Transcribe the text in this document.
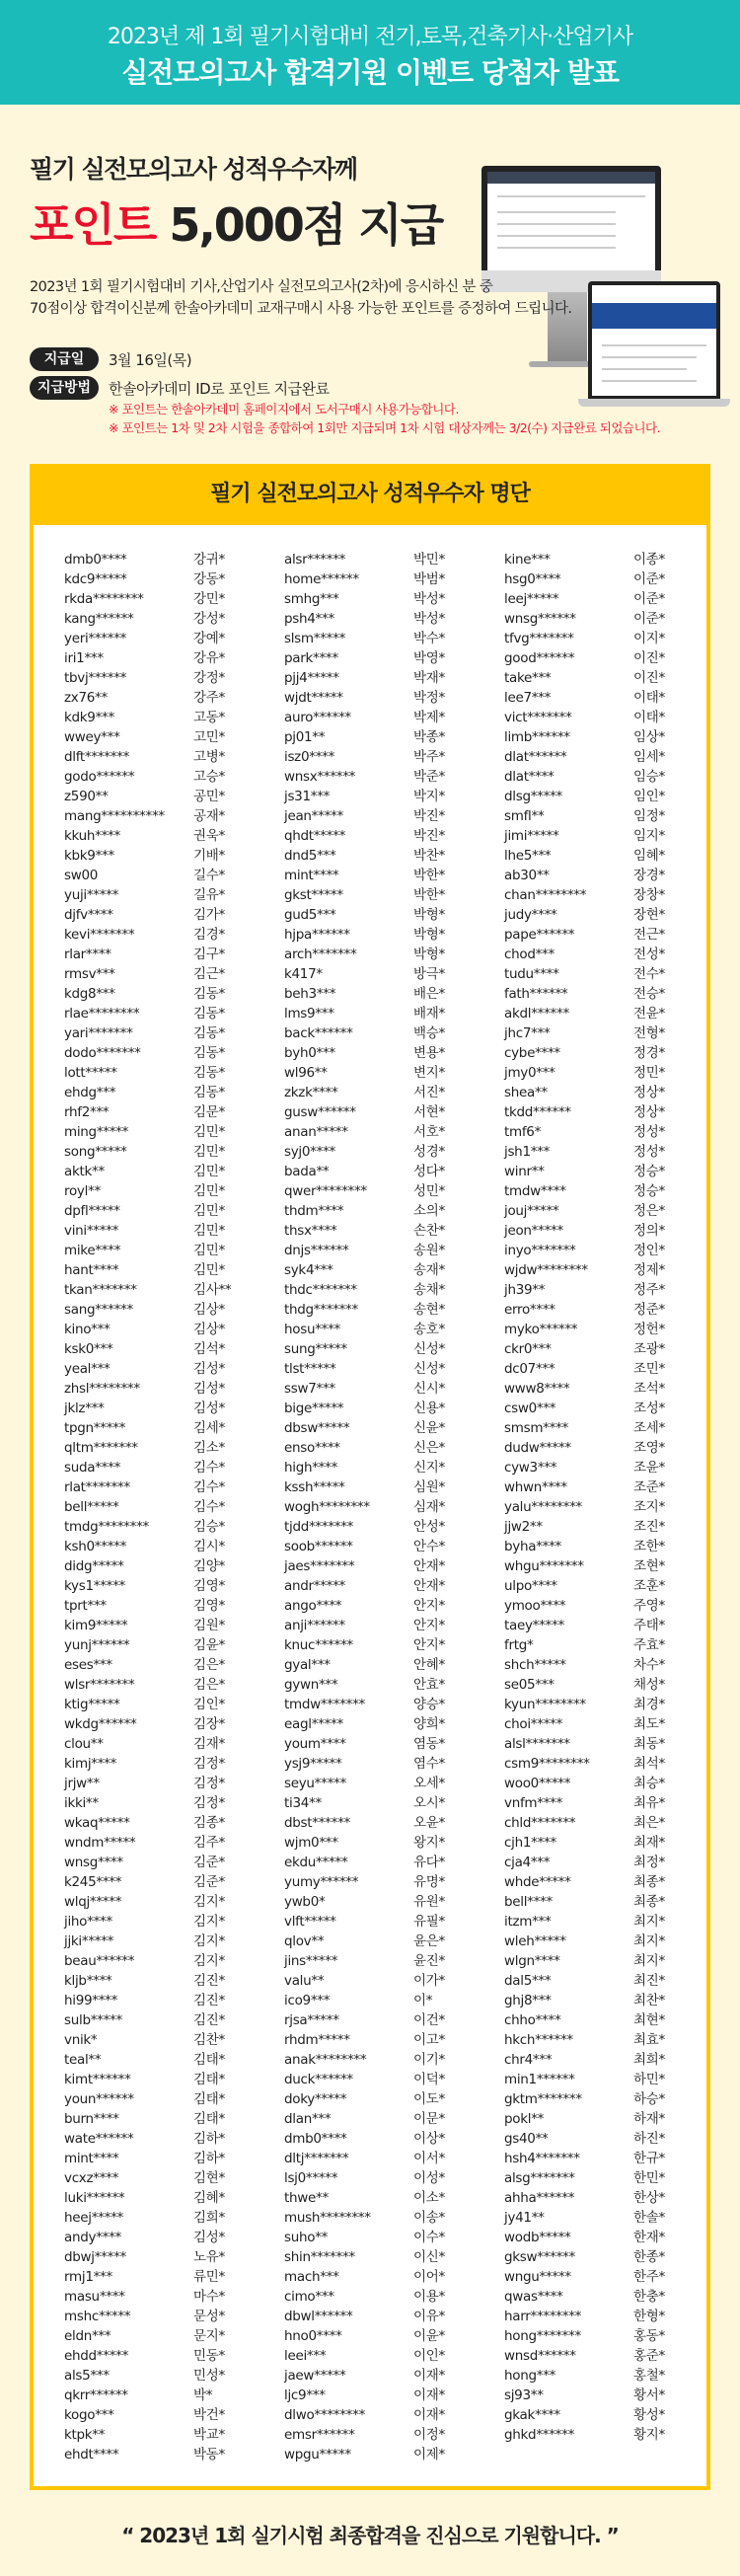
2023년 제 1회 필기시험대비 전기,토목,건축기사·산업기사
실전모의고사 합격기원 이벤트 당첨자 발표
필기 실전모의고사 성적우수자께
포인트 5,000점 지급
2023년 1회 필기시험대비 기사,산업기사 실전모의고사(2차)에 응시하신 분 중
70점이상 합격이신분께 한솔아카데미 교재구매시 사용 가능한 포인트를 증정하여 드립니다.
지급일	3월 16일(목)
지급방법	한솔아카데미 ID로 포인트 지급완료
※ 포인트는 한솔아카데미 홈페이지에서 도서구매시 사용가능합니다.
※ 포인트는 1차 및 2차 시험을 종합하여 1회만 지급되며 1차 시험 대상자께는 3/2(수) 지급완료 되었습니다.
필기 실전모의고사 성적우수자 명단
dmb0****	강귀*
kdc9*****	강동*
rkda********	강민*
kang******	강성*
yeri******	강예*
iri1***	강유*
tbvj******	강정*
zx76**	강주*
kdk9***	고동*
wwey***	고민*
dlft*******	고병*
godo******	고승*
z590**	공민*
mang********** 공재*
kkuh****	권욱*
kbk9***	기배*
sw00	길수*
yuji*****	길유*
djfv****	김가*
kevi*******	김경*
rlar****	김구*
rmsv***	김근*
kdg8***	김동*
rlae********	김동*
yari*******	김동*
dodo*******	김동*
lott*****	김동*
ehdg***	김동*
rhf2***	김문*
ming*****	김민*
song*****	김민*
aktk**	김민*
royl**	김민*
dpfl*****	김민*
vini*****	김민*
mike****	김민*
hant****	김민*
tkan*******	김사**
sang******	김상*
kino***	김상*
ksk0***	김석*
yeal***	김성*
zhsl********	김성*
jklz***	김성*
tpgn*****	김세*
qltm*******	김소*
suda****	김수*
rlat*******	김수*
bell*****	김수*
tmdg********	김승*
ksh0*****	김시*
didg*****	김양*
kys1*****	김영*
tprt***	김영*
kim9*****	김원*
yunj******	김윤*
eses***	김은*
wlsr*******	김은*
ktig*****	김인*
wkdg******	김장*
clou**	김재*
kimj****	김정*
jrjw**	김정*
ikki**	김정*
wkaq*****	김종*
wndm*****	김주*
wnsg****	김준*
k245****	김준*
wlqj*****	김지*
jiho****	김지*
jjki*****	김지*
beau******	김지*
kljb****	김진*
hi99****	김진*
sulb*****	김진*
vnik*	김찬*
teal**	김태*
kimt******	김태*
youn******	김태*
burn****	김태*
wate******	김하*
mint****	김하*
vcxz****	김현*
luki******	김혜*
heej*****	김희*
andy****	김성*
dbwj*****	노유*
rmj1***	류민*
masu****	마수*
mshc*****	문성*
eldn***	문지*
ehdd*****	민동*
als5***	민성*
qkrr******	박*
kogo***	박건*
ktpk**	박교*
ehdt****	박동*
alsr******	박민*
home******	박범*
smhg***	박성*
psh4***	박성*
slsm*****	박수*
park****	박영*
pjj4*****	박재*
wjdt*****	박정*
auro******	박제*
pj01**	박종*
isz0****	박주*
wnsx******	박준*
js31***	박지*
jean*****	박진*
qhdt*****	박진*
dnd5***	박찬*
mint****	박한*
gkst*****	박한*
gud5***	박형*
hjpa******	박형*
arch*******	박형*
k417*	방극*
beh3***	배은*
lms9***	배재*
back******	백승*
byh0***	변용*
wl96**	변지*
zkzk****	서진*
gusw******	서현*
anan*****	서호*
syj0****	성경*
bada**	성다*
qwer********	성민*
thdm****	소의*
thsx****	손찬*
dnjs******	송원*
syk4***	송재*
thdc*******	송채*
thdg*******	송현*
hosu****	송호*
sung*****	신성*
tlst*****	신성*
ssw7***	신시*
bige*****	신용*
dbsw*****	신윤*
enso****	신은*
high****	신지*
kssh*****	심원*
wogh********	심재*
tjdd*******	안성*
soob******	안수*
jaes*******	안재*
andr*****	안재*
ango****	안지*
anji******	안지*
knuc******	안지*
gyal***	안혜*
gywn***	안효*
tmdw*******	양승*
eagl*****	양희*
youm****	염동*
ysj9*****	염수*
seyu*****	오세*
ti34**	오시*
dbst******	오윤*
wjm0***	왕지*
ekdu*****	유다*
yumy******	유명*
ywb0*	유원*
vlft*****	유필*
qlov**	윤은*
jins*****	윤진*
valu**	이가*
ico9***	이*
rjsa*****	이건*
rhdm*****	이고*
anak********	이기*
duck******	이덕*
doky*****	이도*
dlan***	이문*
dmb0****	이상*
dltj*******	이서*
lsj0*****	이성*
thwe**	이소*
mush********	이송*
suho**	이수*
shin*******	이신*
mach***	이어*
cimo***	이용*
dbwl******	이유*
hno0****	이윤*
leei***	이인*
jaew*****	이재*
ljc9***	이재*
dlwo********	이재*
emsr******	이정*
wpgu*****	이제*
kine***	이종*
hsg0****	이준*
leej*****	이준*
wnsg******	이준*
tfvg*******	이지*
good******	이진*
take***	이진*
lee7***	이태*
vict*******	이태*
limb******	임상*
dlat******	임세*
dlat****	임승*
dlsg*****	임인*
smfl**	임정*
jimi*****	임지*
lhe5***	임혜*
ab30**	장경*
chan********	장창*
judy****	장현*
pape******	전근*
chod***	전성*
tudu****	전수*
fath******	전승*
akdl******	전윤*
jhc7***	전형*
cybe****	정경*
jmy0***	정민*
shea**	정상*
tkdd******	정상*
tmf6*	정성*
jsh1***	정성*
winr**	정승*
tmdw****	정승*
jouj*****	정은*
jeon*****	정의*
inyo*******	정인*
wjdw********	정제*
jh39**	정주*
erro****	정준*
myko******	정헌*
ckr0***	조광*
dc07***	조민*
www8****	조석*
csw0***	조성*
smsm****	조세*
dudw*****	조영*
cyw3***	조윤*
whwn****	조준*
yalu********	조지*
jjw2**	조진*
byha****	조한*
whgu*******	조현*
ulpo****	조훈*
ymoo****	주영*
taey*****	주태*
frtg*	주효*
shch*****	차수*
se05***	채성*
kyun********	최경*
choi*****	최도*
alsl*******	최동*
csm9********	최석*
woo0*****	최승*
vnfm****	최유*
chld*******	최은*
cjh1****	최재*
cja4***	최정*
whde*****	최종*
bell****	최종*
itzm***	최지*
wleh*****	최지*
wlgn****	최지*
dal5***	최진*
ghj8***	최찬*
chho****	최현*
hkch******	최효*
chr4***	최희*
min1******	하민*
gktm*******	하승*
pokl**	하재*
gs40**	하진*
hsh4*******	한규*
alsg*******	한민*
ahha******	한상*
jy41**	한솔*
wodb*****	한재*
gksw******	한종*
wngu*****	한주*
qwas****	한충*
harr********	한형*
hong*******	홍동*
wnsd******	홍준*
hong***	홍철*
sj93**	황서*
gkak****	황성*
ghkd******	황지*
“ 2023년 1회 실기시험 최종합격을 진심으로 기원합니다. ”
